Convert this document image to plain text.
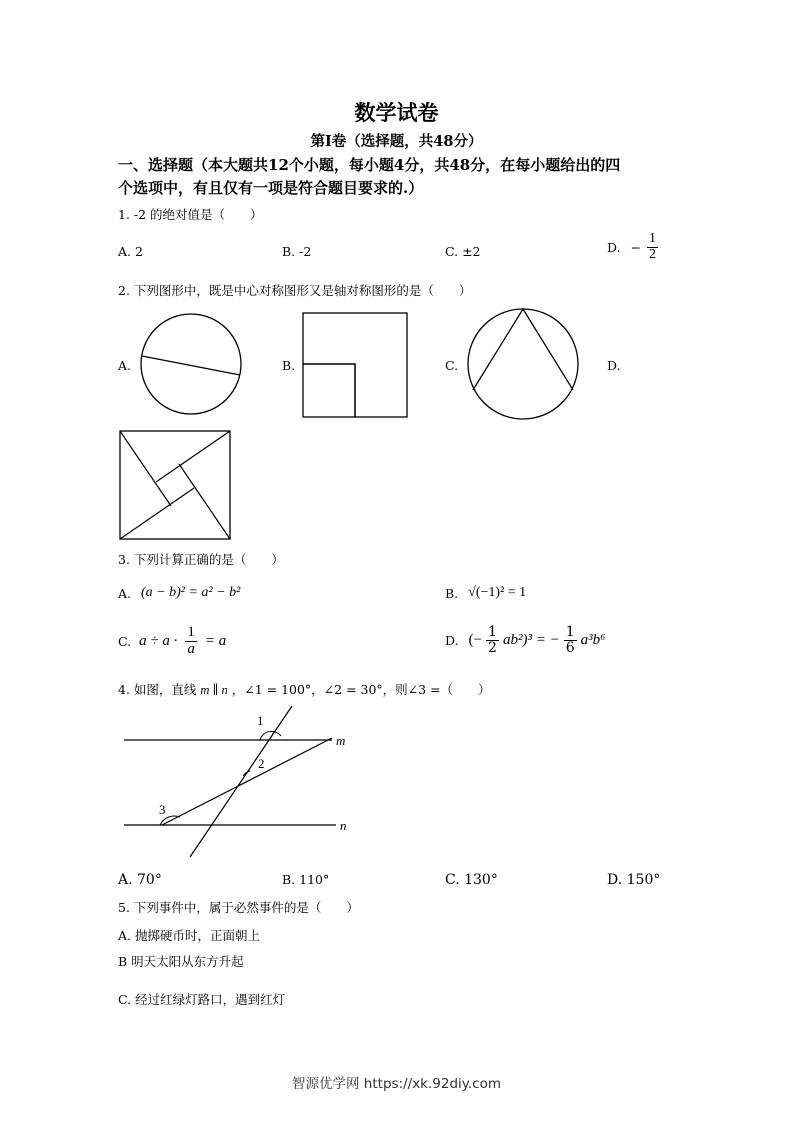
数学试卷
第Ⅰ卷（选择题，共48分）
一、选择题（本大题共12个小题，每小题4分，共48分，在每小题给出的四
个选项中，有且仅有一项是符合题目要求的.）
1. -2 的绝对值是（　　）
A. 2	B. -2	C. ±2	D. − $\frac{1}{2}$
2. 下列图形中，既是中心对称图形又是轴对称图形的是（　　）
A.	B.	C.	D.
3. 下列计算正确的是（　　）
A. (a − b)² = a² − b²	B. √(−1)² = 1
C. $a \div a \cdot \frac{1}{a} = a$	D. (− $\frac{1}{2} ab^2)^3$ = − $\frac{1}{6} a^3b^6$
4. 如图，直线 m ∥ n ，∠1 = 100°，∠2 = 30°，则∠3 =（　　）
1
2
3
m
n
A. 70°	B. 110°	C. 130°	D. 150°
5. 下列事件中，属于必然事件的是（　　）
A. 抛掷硬币时，正面朝上
B 明天太阳从东方升起
C. 经过红绿灯路口，遇到红灯
智源优学网 https://xk.92diy.com
